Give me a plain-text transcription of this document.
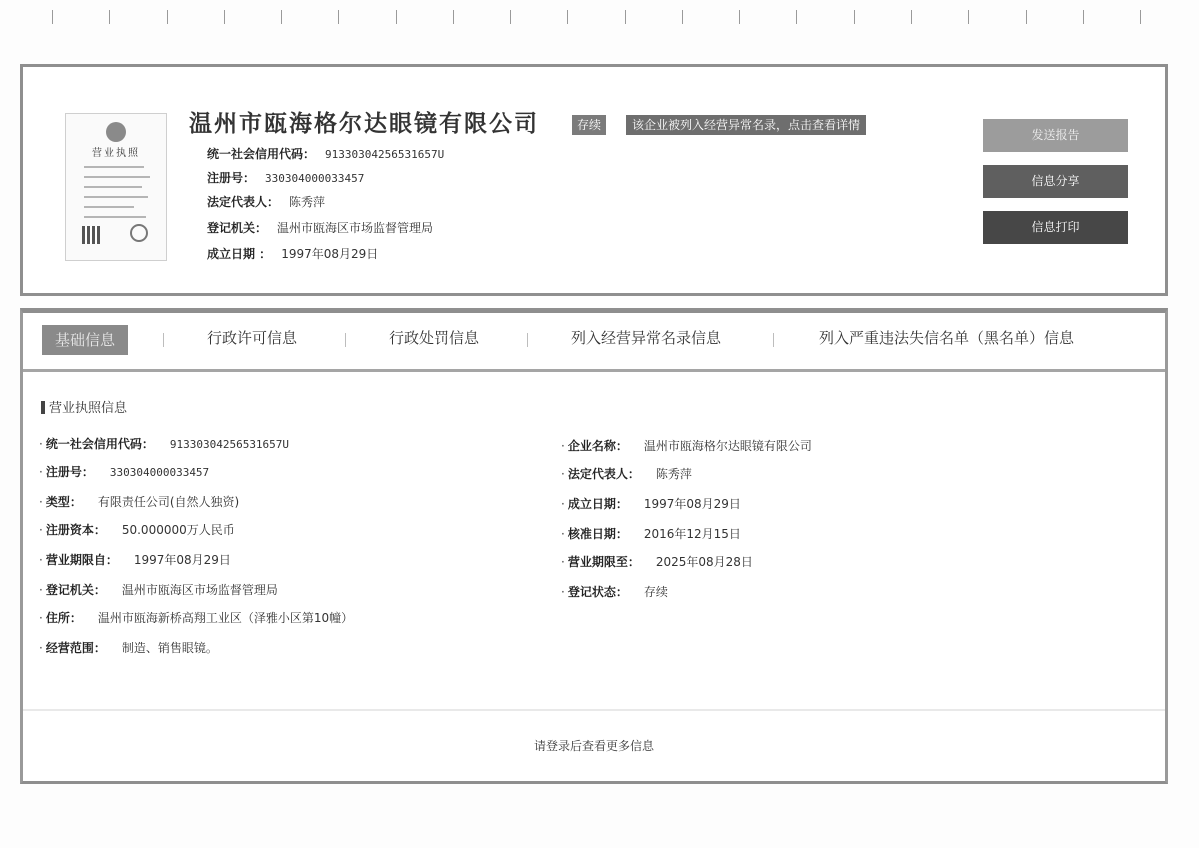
营业执照
温州市瓯海格尔达眼镜有限公司	存续	该企业被列入经营异常名录，点击查看详情
统一社会信用代码： 91330304256531657U
注册号： 330304000033457
法定代表人： 陈秀萍
登记机关： 温州市瓯海区市场监督管理局
成立日期 ： 1997年08月29日
发送报告
信息分享
信息打印
基础信息	行政许可信息	行政处罚信息	列入经营异常名录信息	列入严重违法失信名单（黑名单）信息
营业执照信息
· 统一社会信用代码： 91330304256531657U
· 注册号： 330304000033457
· 类型： 有限责任公司(自然人独资)
· 注册资本： 50.000000万人民币
· 营业期限自： 1997年08月29日
· 登记机关： 温州市瓯海区市场监督管理局
· 住所： 温州市瓯海新桥高翔工业区（泽雅小区第10幢）
· 经营范围： 制造、销售眼镜。
· 企业名称： 温州市瓯海格尔达眼镜有限公司
· 法定代表人： 陈秀萍
· 成立日期： 1997年08月29日
· 核准日期： 2016年12月15日
· 营业期限至： 2025年08月28日
· 登记状态： 存续
请登录后查看更多信息
